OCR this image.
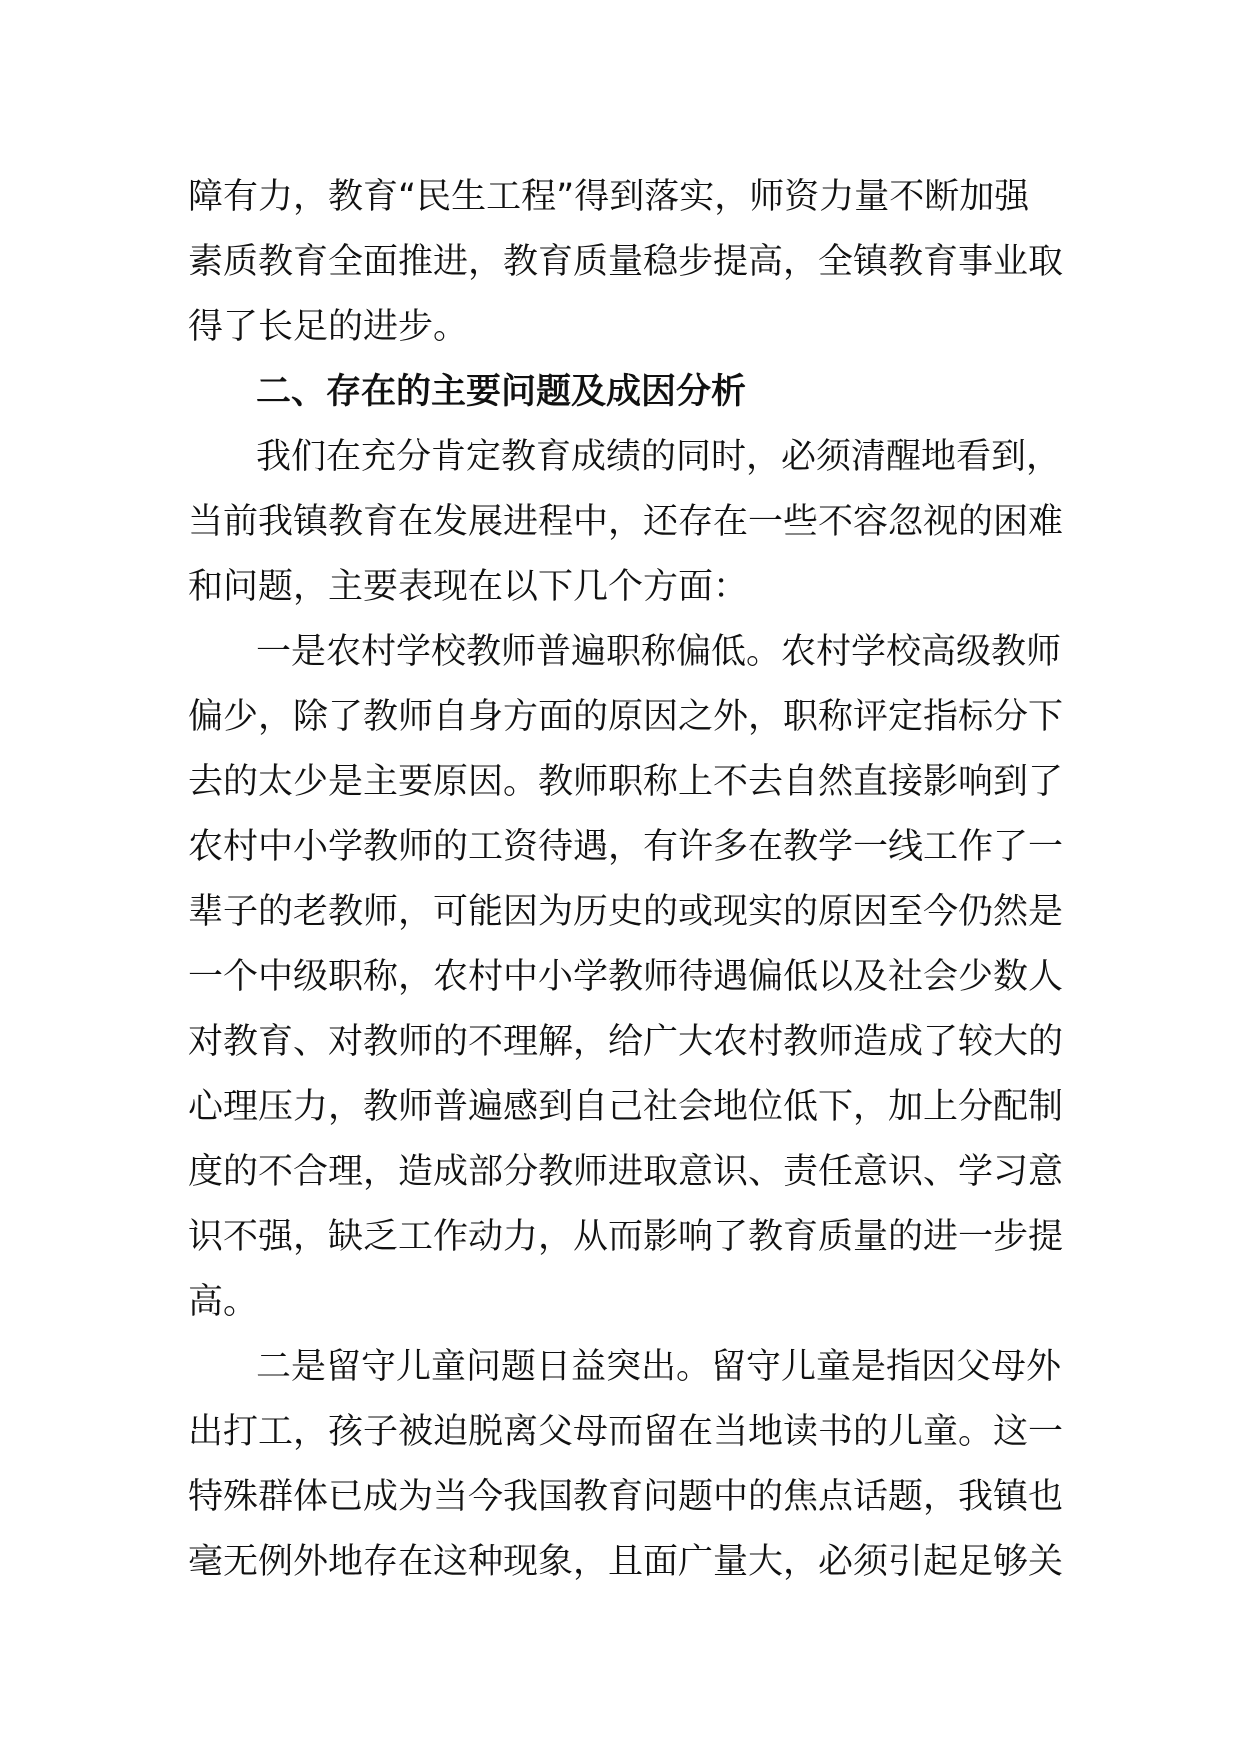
障有力，教育“民生工程”得到落实，师资力量不断加强
素质教育全面推进，教育质量稳步提高，全镇教育事业取
得了长足的进步。
二、存在的主要问题及成因分析
我们在充分肯定教育成绩的同时，必须清醒地看到，
当前我镇教育在发展进程中，还存在一些不容忽视的困难
和问题，主要表现在以下几个方面：
一是农村学校教师普遍职称偏低。农村学校高级教师
偏少，除了教师自身方面的原因之外，职称评定指标分下
去的太少是主要原因。教师职称上不去自然直接影响到了
农村中小学教师的工资待遇，有许多在教学一线工作了一
辈子的老教师，可能因为历史的或现实的原因至今仍然是
一个中级职称，农村中小学教师待遇偏低以及社会少数人
对教育、对教师的不理解，给广大农村教师造成了较大的
心理压力，教师普遍感到自己社会地位低下，加上分配制
度的不合理，造成部分教师进取意识、责任意识、学习意
识不强，缺乏工作动力，从而影响了教育质量的进一步提
高。
二是留守儿童问题日益突出。留守儿童是指因父母外
出打工，孩子被迫脱离父母而留在当地读书的儿童。这一
特殊群体已成为当今我国教育问题中的焦点话题，我镇也
毫无例外地存在这种现象，且面广量大，必须引起足够关
